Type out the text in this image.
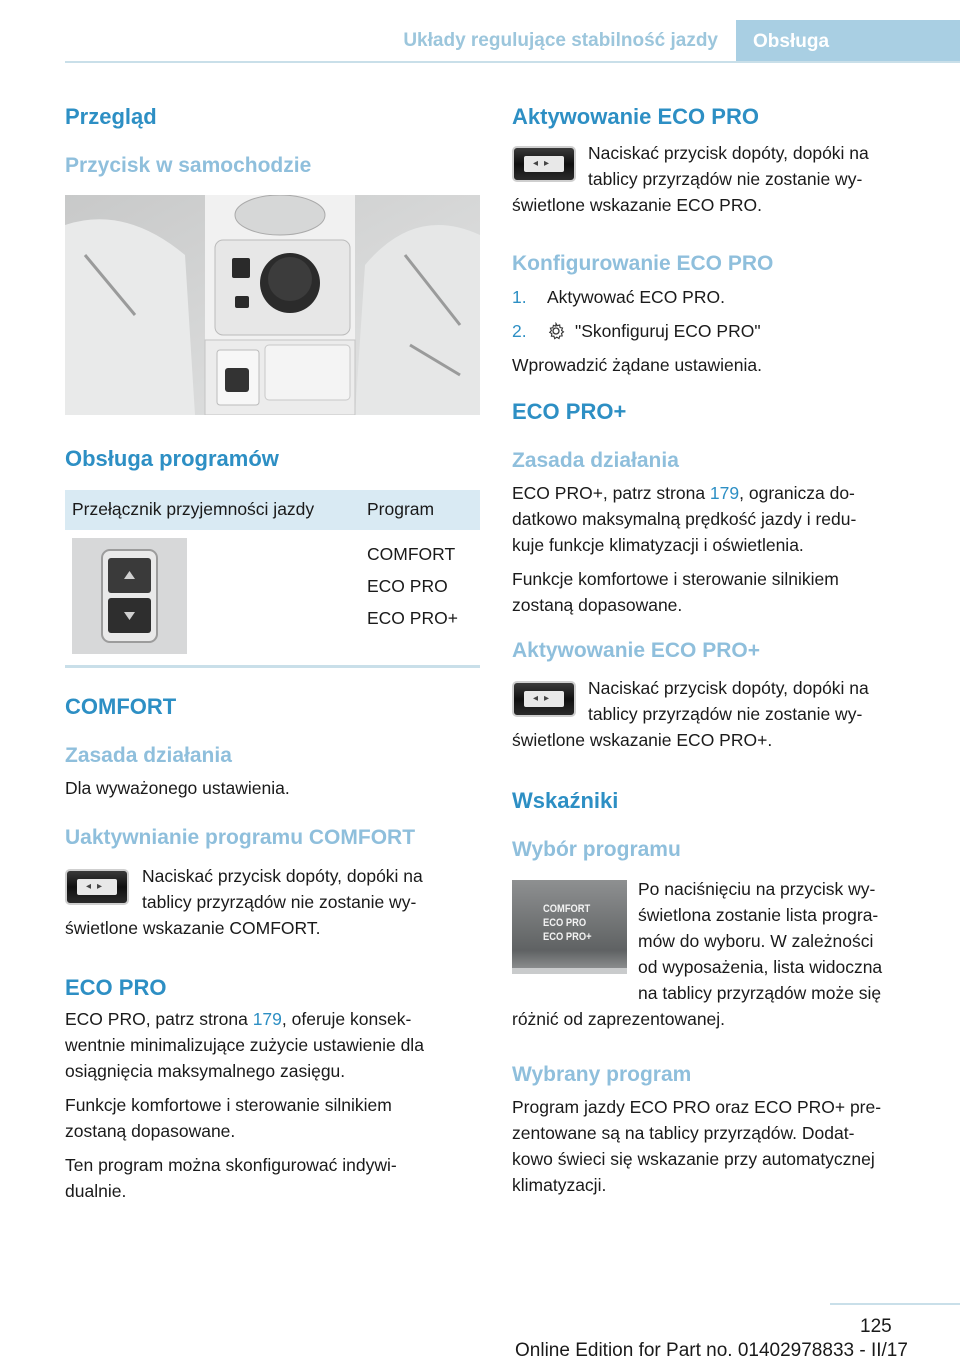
Układy regulujące stabilność jazdy	Obsługa
Przegląd
Przycisk w samochodzie
Obsługa programów
Przełącznik przyjemności jazdy	Program
COMFORT
ECO PRO
ECO PRO+
COMFORT
Zasada działania
Dla wyważonego ustawienia.
Uaktywnianie programu COMFORT
◂▸
Naciskać przycisk dopóty, dopóki na
tablicy przyrządów nie zostanie wy-
świetlone wskazanie COMFORT.
ECO PRO

ECO PRO, patrz strona 179, oferuje konsek-

wentnie minimalizujące zużycie ustawienie dla

osiągnięcia maksymalnego zasięgu.

Funkcje komfortowe i sterowanie silnikiem

zostaną dopasowane.

Ten program można skonfigurować indywi-

dualnie.

Aktywowanie ECO PRO
◂▸
Naciskać przycisk dopóty, dopóki na
tablicy przyrządów nie zostanie wy-
świetlone wskazanie ECO PRO.
Konfigurowanie ECO PRO
1. Aktywować ECO PRO.
2.	"Skonfiguruj ECO PRO"

Wprowadzić żądane ustawienia.

ECO PRO+
Zasada działania

ECO PRO+, patrz strona 179, ogranicza do-

datkowo maksymalną prędkość jazdy i redu-

kuje funkcje klimatyzacji i oświetlenia.

Funkcje komfortowe i sterowanie silnikiem

zostaną dopasowane.

Aktywowanie ECO PRO+
◂▸
Naciskać przycisk dopóty, dopóki na
tablicy przyrządów nie zostanie wy-
świetlone wskazanie ECO PRO+.
Wskaźniki
Wybór programu
COMFORT
ECO PRO
ECO PRO+

Po naciśnięciu na przycisk wy-

świetlona zostanie lista progra-

mów do wyboru. W zależności

od wyposażenia, lista widoczna

na tablicy przyrządów może się

różnić od zaprezentowanej.
Wybrany program

Program jazdy ECO PRO oraz ECO PRO+ pre-

zentowane są na tablicy przyrządów. Dodat-

kowo świeci się wskazanie przy automatycznej

klimatyzacji.

125
Online Edition for Part no. 01402978833 - II/17
